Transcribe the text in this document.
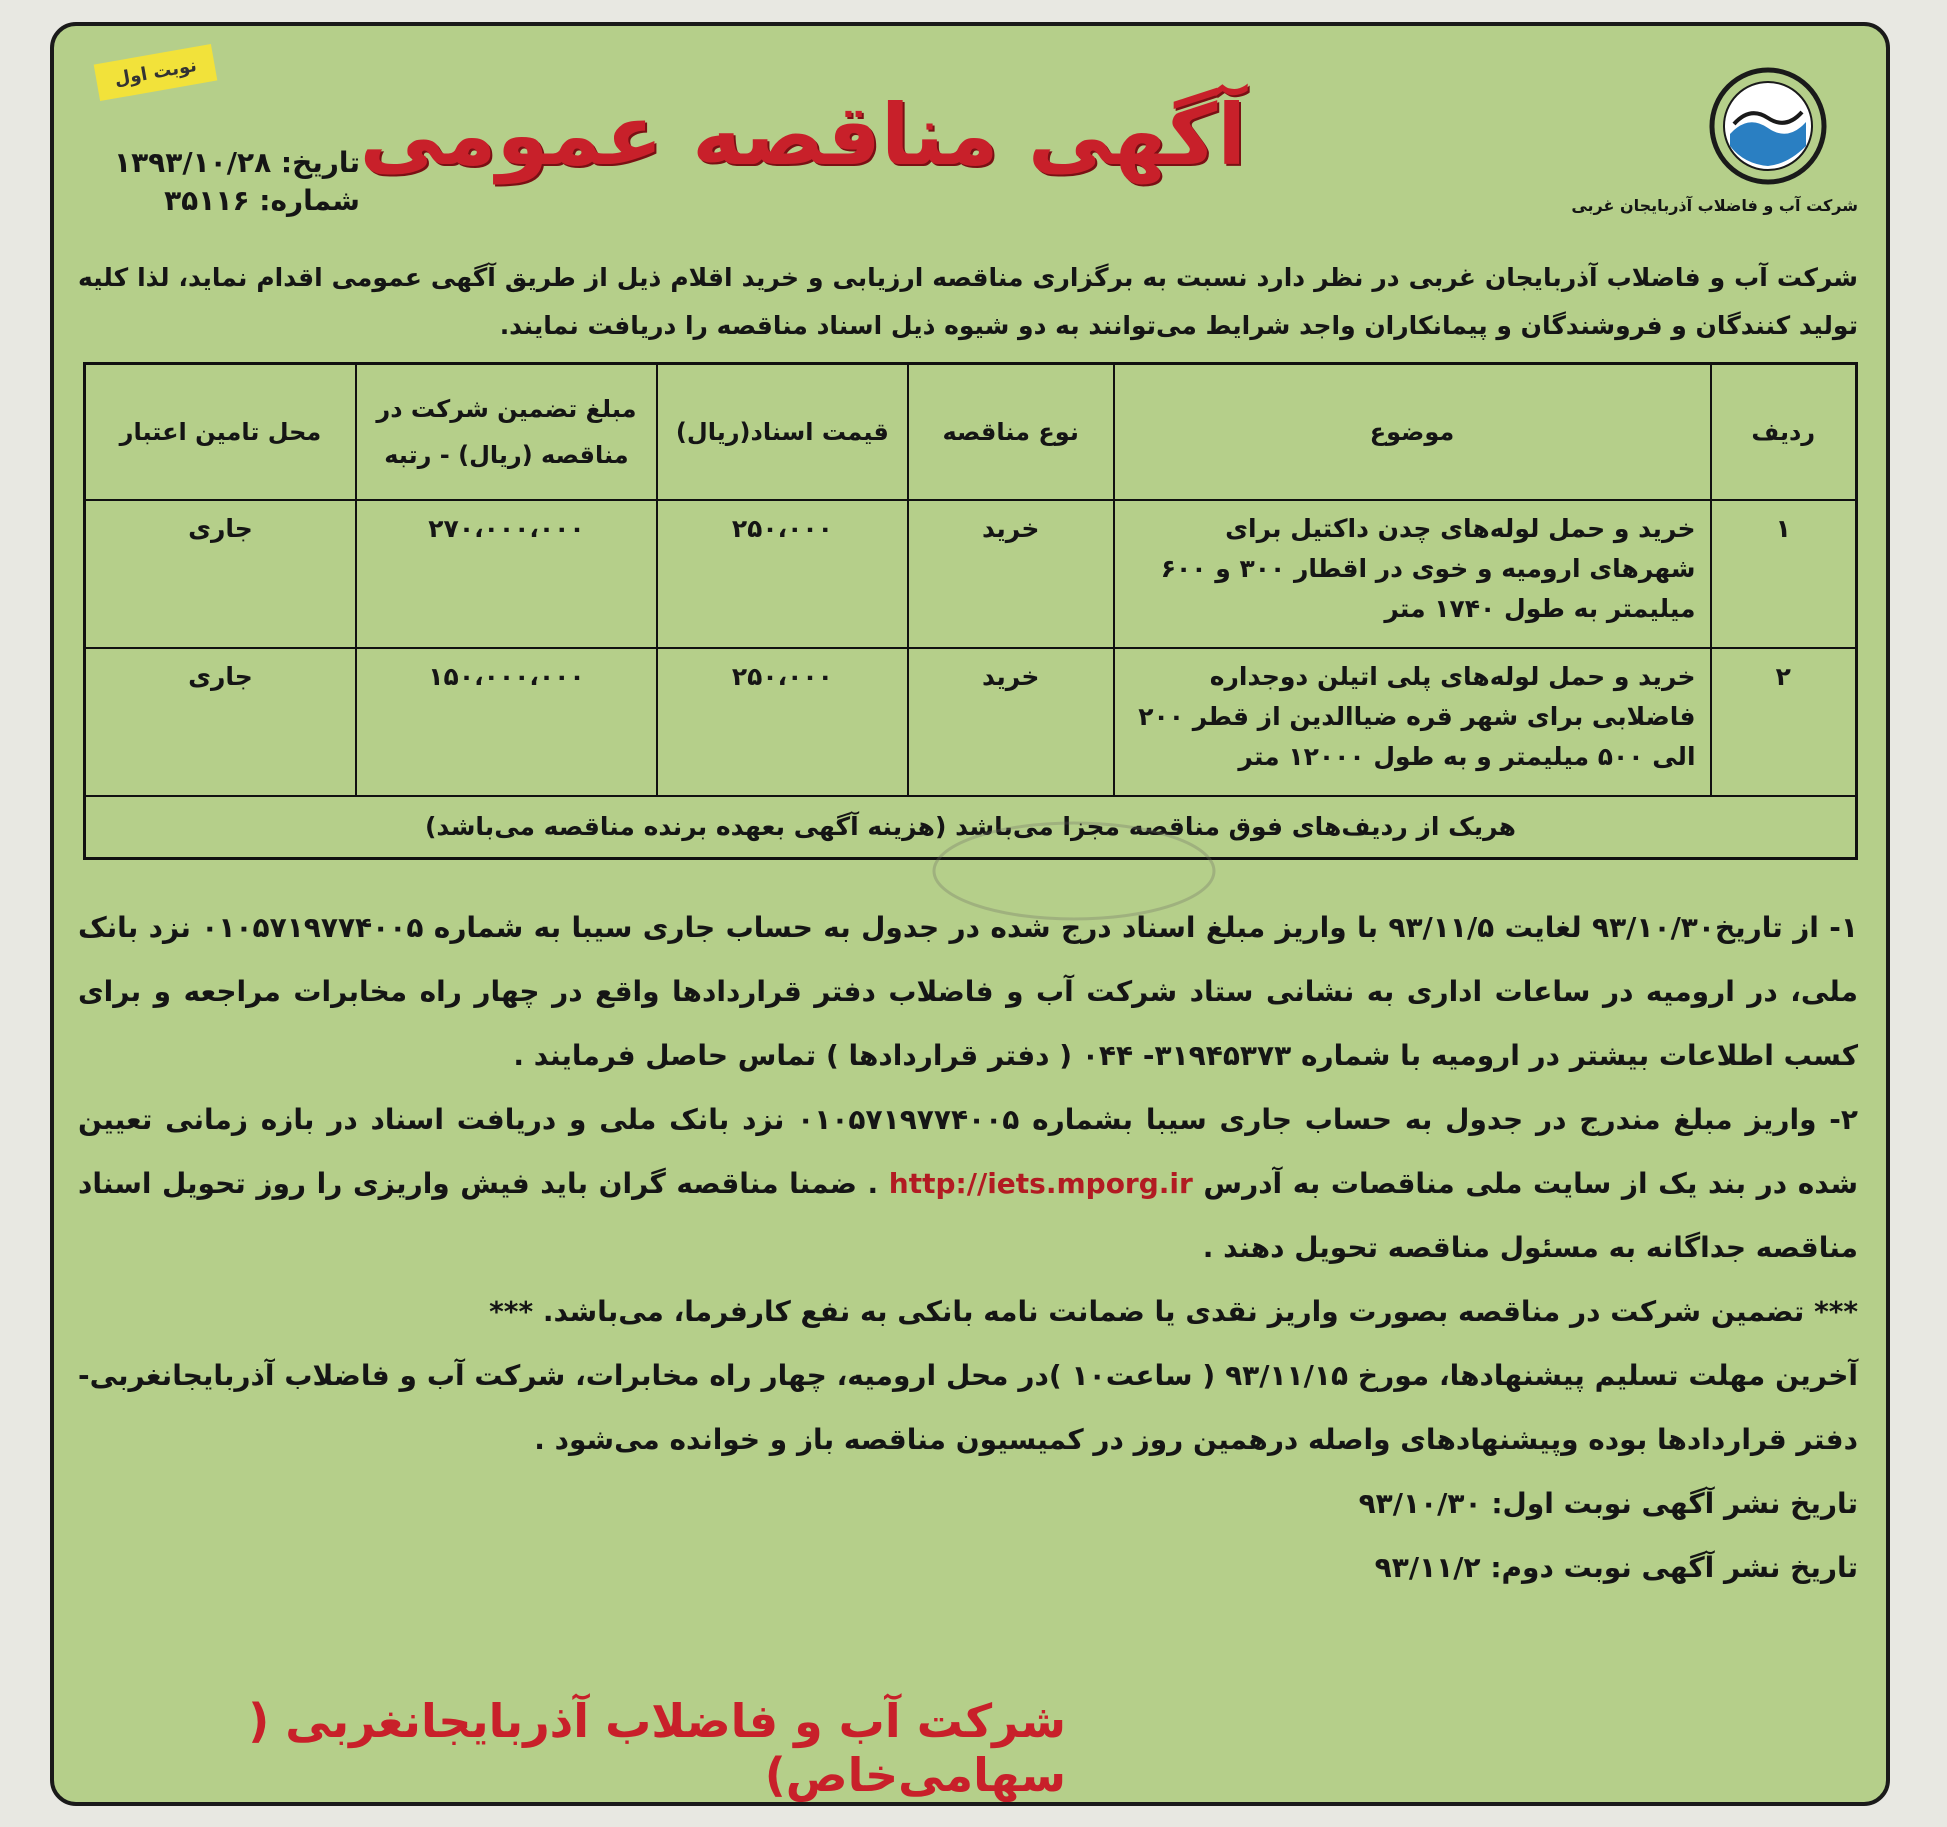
شرکت آب و فاضلاب آذربایجان غربی
آگهی مناقصه عمومی
نوبت اول
تاریخ: ۱۳۹۳/۱۰/۲۸
شماره: ۳۵۱۱۶
شرکت آب و فاضلاب آذربایجان غربی در نظر دارد نسبت به برگزاری مناقصه ارزیابی و خرید اقلام ذیل از طریق آگهی عمومی اقدام نماید، لذا کلیه تولید کنندگان و فروشندگان و پیمانکاران واجد شرایط می‌توانند به دو شیوه ذیل اسناد مناقصه را دریافت نمایند.
ردیف	موضوع	نوع مناقصه	قیمت اسناد(ریال)	مبلغ تضمین شرکت در مناقصه (ریال) - رتبه	محل تامین اعتبار
۱	خرید و حمل لوله‌های چدن داکتیل برای شهرهای ارومیه و خوی در اقطار ۳۰۰ و ۶۰۰ میلیمتر به طول ۱۷۴۰ متر	خرید	۲۵۰،۰۰۰	۲۷۰،۰۰۰،۰۰۰	جاری
۲	خرید و حمل لوله‌های پلی اتیلن دوجداره فاضلابی برای شهر قره ضیاالدین از قطر ۲۰۰ الی ۵۰۰ میلیمتر و به طول ۱۲۰۰۰ متر	خرید	۲۵۰،۰۰۰	۱۵۰،۰۰۰،۰۰۰	جاری
هریک از ردیف‌های فوق مناقصه مجزا می‌باشد (هزینه آگهی بعهده برنده مناقصه می‌باشد)					

۱- از تاریخ۹۳/۱۰/۳۰ لغایت ۹۳/۱۱/۵ با واریز مبلغ اسناد درج شده در جدول به حساب جاری سیبا به شماره ۰۱۰۵۷۱۹۷۷۴۰۰۵ نزد بانک ملی، در ارومیه در ساعات اداری به نشانی ستاد شرکت آب و فاضلاب دفتر قراردادها واقع در چهار راه مخابرات مراجعه و برای کسب اطلاعات بیشتر در ارومیه با شماره ۳۱۹۴۵۳۷۳- ۰۴۴ ( دفتر قراردادها ) تماس حاصل فرمایند .

۲- واریز مبلغ مندرج در جدول به حساب جاری سیبا بشماره ۰۱۰۵۷۱۹۷۷۴۰۰۵ نزد بانک ملی و دریافت اسناد در بازه زمانی تعیین شده در بند یک از سایت ملی مناقصات به آدرس http://iets.mporg.ir . ضمنا مناقصه گران باید فیش واریزی را روز تحویل اسناد مناقصه جداگانه به مسئول مناقصه تحویل دهند .

*** تضمین شرکت در مناقصه بصورت واریز نقدی یا ضمانت نامه بانکی به نفع کارفرما، می‌باشد. ***

آخرین مهلت تسلیم پیشنهادها، مورخ ۹۳/۱۱/۱۵ ( ساعت۱۰ )در محل ارومیه، چهار راه مخابرات، شرکت آب و فاضلاب آذربایجانغربی- دفتر قراردادها بوده وپیشنهادهای واصله درهمین روز در کمیسیون مناقصه باز و خوانده می‌شود .

تاریخ نشر آگهی نوبت اول: ۹۳/۱۰/۳۰

تاریخ نشر آگهی نوبت دوم: ۹۳/۱۱/۲

شرکت آب و فاضلاب آذربایجانغربی ( سهامی‌خاص)
